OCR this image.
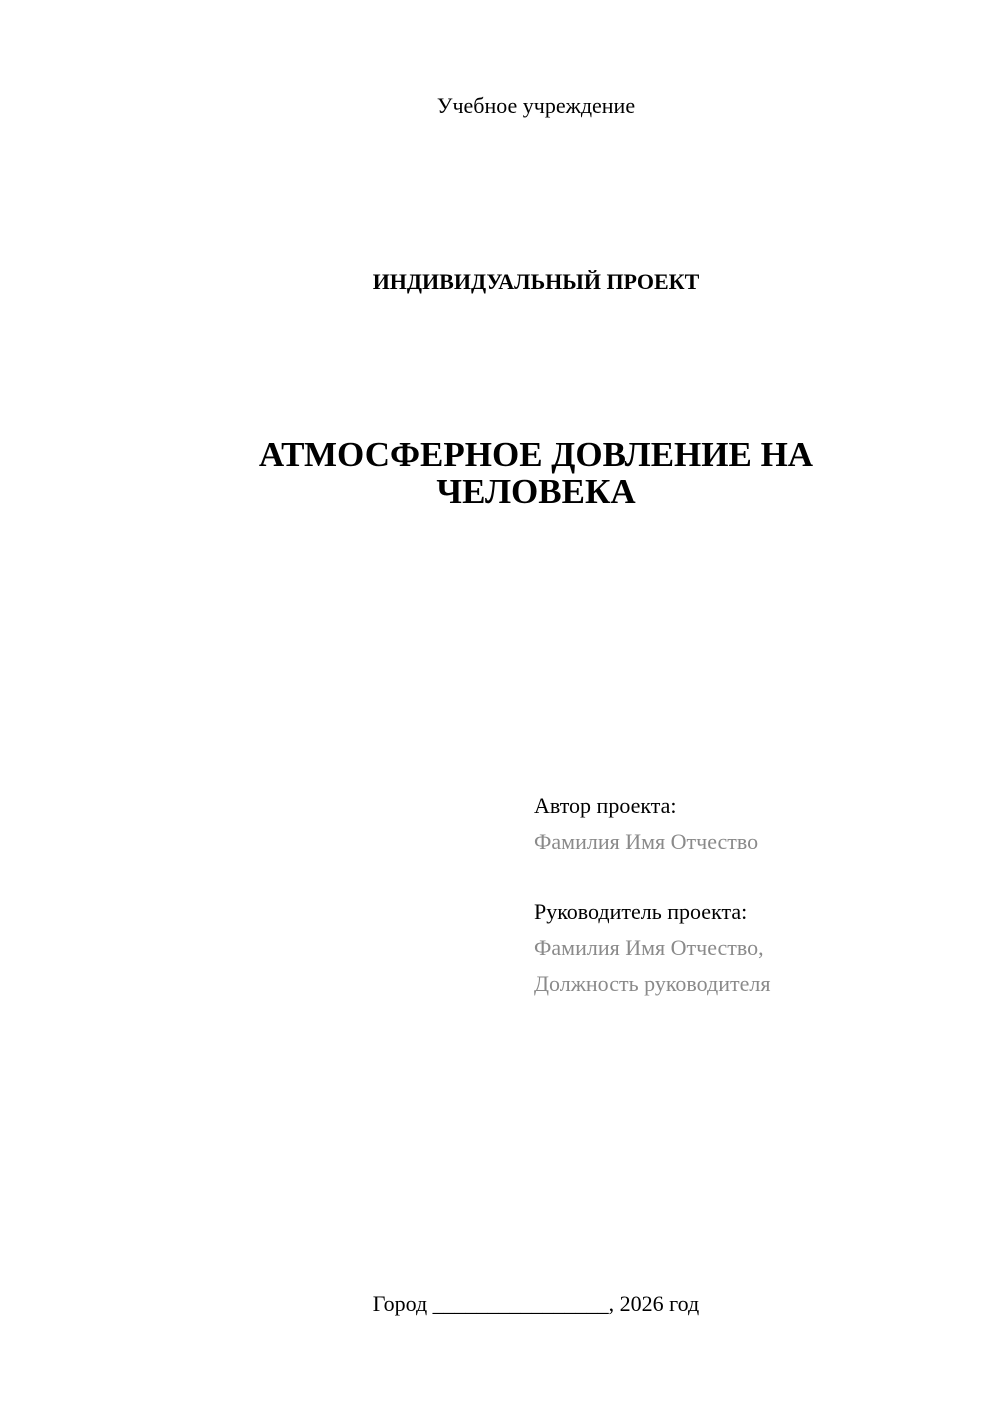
Учебное учреждение
ИНДИВИДУАЛЬНЫЙ ПРОЕКТ
АТМОСФЕРНОЕ ДОВЛЕНИЕ НА
ЧЕЛОВЕКА
Автор проекта:
Фамилия Имя Отчество
Руководитель проекта:
Фамилия Имя Отчество,
Должность руководителя
Город ________________, 2026 год
